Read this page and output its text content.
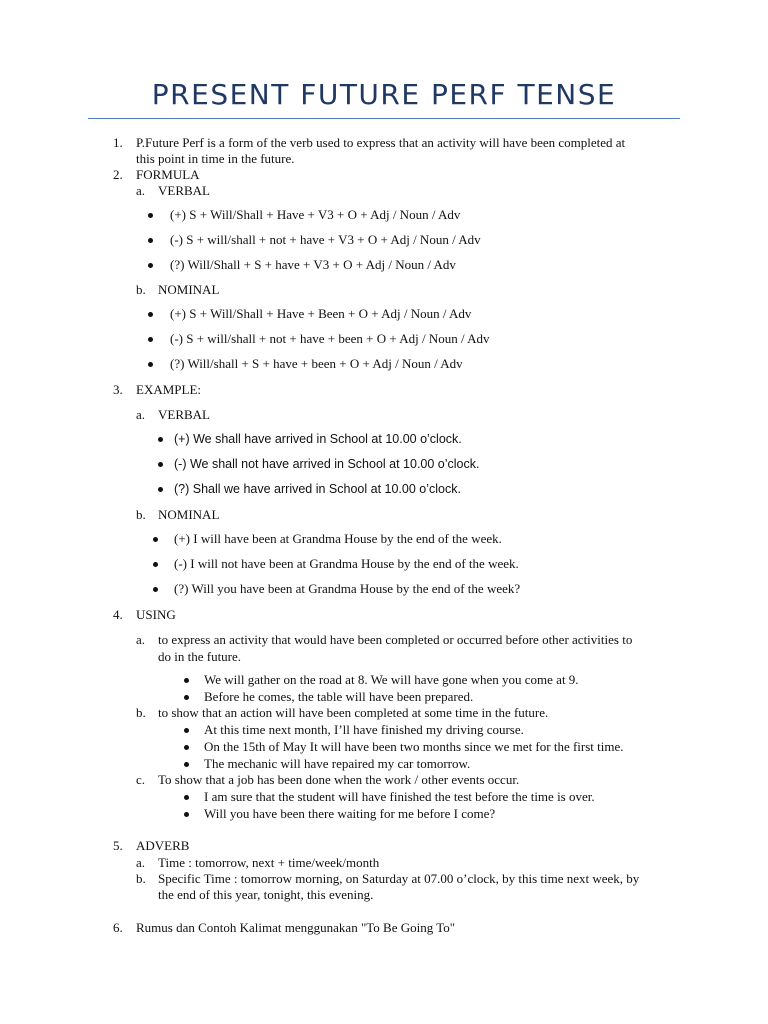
PRESENT FUTURE PERF TENSE
1. P.Future Perf is a form of the verb used to express that an activity will have been completed at
this point in time in the future.
2. FORMULA
a. VERBAL
(+) S + Will/Shall + Have + V3 + O + Adj / Noun / Adv
(-) S + will/shall + not + have + V3 + O + Adj / Noun / Adv
(?) Will/Shall + S + have + V3 + O + Adj / Noun / Adv
b. NOMINAL
(+) S + Will/Shall + Have + Been + O + Adj / Noun / Adv
(-) S + will/shall + not + have + been + O + Adj / Noun / Adv
(?) Will/shall + S + have + been + O + Adj / Noun / Adv
3. EXAMPLE:
a. VERBAL
(+) We shall have arrived in School at 10.00 o’clock.
(-) We shall not have arrived in School at 10.00 o’clock.
(?) Shall we have arrived in School at 10.00 o’clock.
b. NOMINAL
(+) I will have been at Grandma House by the end of the week.
(-) I will not have been at Grandma House by the end of the week.
(?) Will you have been at Grandma House by the end of the week?
4. USING
a. to express an activity that would have been completed or occurred before other activities to
do in the future.
We will gather on the road at 8. We will have gone when you come at 9.
Before he comes, the table will have been prepared.
b. to show that an action will have been completed at some time in the future.
At this time next month, I’ll have finished my driving course.
On the 15th of May It will have been two months since we met for the first time.
The mechanic will have repaired my car tomorrow.
c. To show that a job has been done when the work / other events occur.
I am sure that the student will have finished the test before the time is over.
Will you have been there waiting for me before I come?
5. ADVERB
a. Time : tomorrow, next + time/week/month
b. Specific Time : tomorrow morning, on Saturday at 07.00 o’clock, by this time next week, by
the end of this year, tonight, this evening.
6. Rumus dan Contoh Kalimat menggunakan "To Be Going To"
